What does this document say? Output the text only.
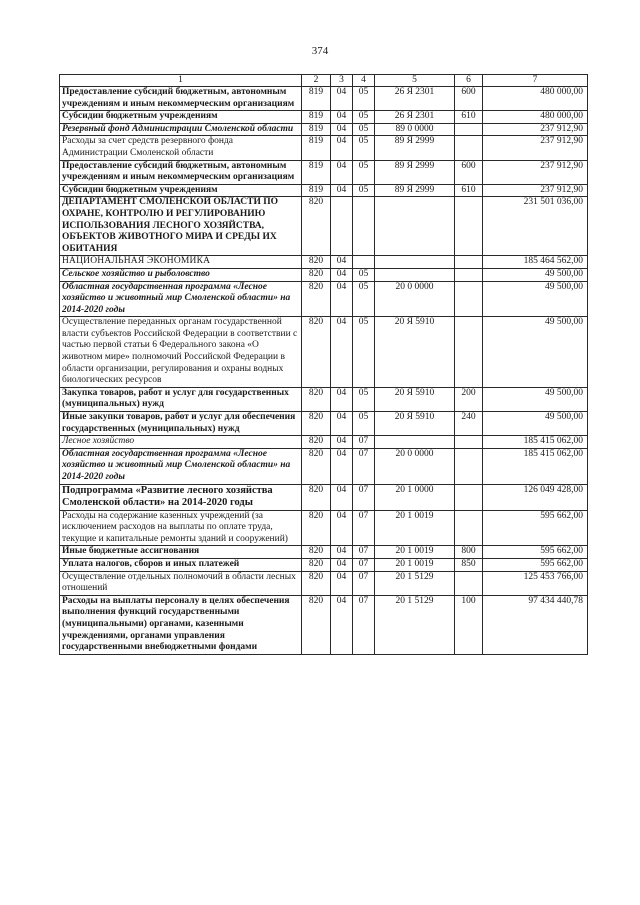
374
1	2	3	4	5	6	7
Предоставление субсидий бюджетным, автономным учреждениям и иным некоммерческим организациям	819	04	05	26 Я 2301	600	480 000,00
Субсидии бюджетным учреждениям	819	04	05	26 Я 2301	610	480 000,00
Резервный фонд Администрации Смоленской области	819	04	05	89 0 0000		237 912,90
Расходы за счет средств резервного фонда Администрации Смоленской области	819	04	05	89 Я 2999		237 912,90
Предоставление субсидий бюджетным, автономным учреждениям и иным некоммерческим организациям	819	04	05	89 Я 2999	600	237 912,90
Субсидии бюджетным учреждениям	819	04	05	89 Я 2999	610	237 912,90
ДЕПАРТАМЕНТ СМОЛЕНСКОЙ ОБЛАСТИ ПО ОХРАНЕ, КОНТРОЛЮ И РЕГУЛИРОВАНИЮ ИСПОЛЬЗОВАНИЯ ЛЕСНОГО ХОЗЯЙСТВА, ОБЪЕКТОВ ЖИВОТНОГО МИРА И СРЕДЫ ИХ ОБИТАНИЯ	820					231 501 036,00
НАЦИОНАЛЬНАЯ ЭКОНОМИКА	820	04				185 464 562,00
Сельское хозяйство и рыболовство	820	04	05			49 500,00
Областная государственная программа «Лесное хозяйство и животный мир Смоленской области» на 2014-2020 годы	820	04	05	20 0 0000		49 500,00
Осуществление переданных органам государственной власти субъектов Российской Федерации в соответствии с частью первой статьи 6 Федерального закона «О животном мире» полномочий Российской Федерации в области организации, регулирования и охраны водных биологических ресурсов	820	04	05	20 Я 5910		49 500,00
Закупка товаров, работ и услуг для государственных (муниципальных) нужд	820	04	05	20 Я 5910	200	49 500,00
Иные закупки товаров, работ и услуг для обеспечения государственных (муниципальных) нужд	820	04	05	20 Я 5910	240	49 500,00
Лесное хозяйство	820	04	07			185 415 062,00
Областная государственная программа «Лесное хозяйство и животный мир Смоленской области» на 2014-2020 годы	820	04	07	20 0 0000		185 415 062,00
Подпрограмма «Развитие лесного хозяйства Смоленской области» на 2014-2020 годы	820	04	07	20 1 0000		126 049 428,00
Расходы на содержание казенных учреждений (за исключением расходов на выплаты по оплате труда, текущие и капитальные ремонты зданий и сооружений)	820	04	07	20 1 0019		595 662,00
Иные бюджетные ассигнования	820	04	07	20 1 0019	800	595 662,00
Уплата налогов, сборов и иных платежей	820	04	07	20 1 0019	850	595 662,00
Осуществление отдельных полномочий в области лесных отношений	820	04	07	20 1 5129		125 453 766,00
Расходы на выплаты персоналу в целях обеспечения выполнения функций государственными (муниципальными) органами, казенными учреждениями, органами управления государственными внебюджетными фондами	820	04	07	20 1 5129	100	97 434 440,78
